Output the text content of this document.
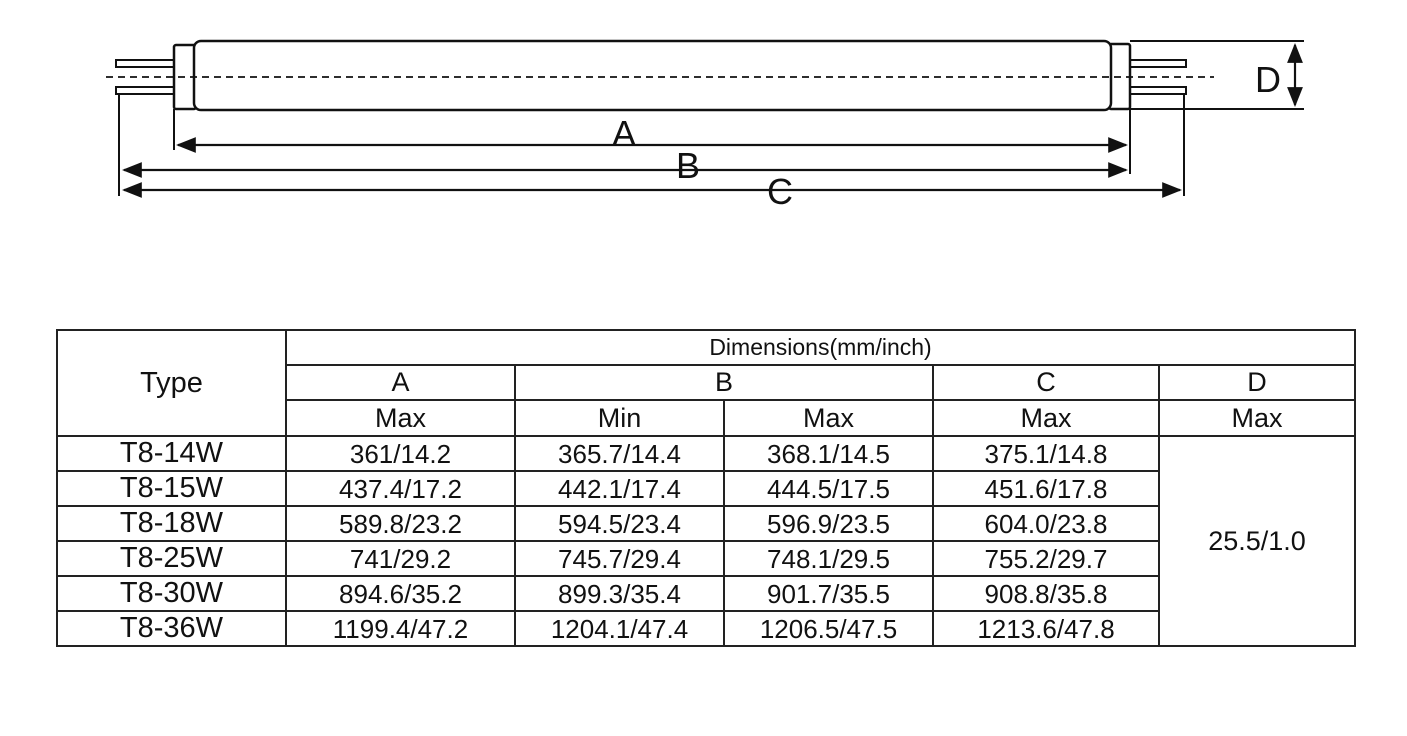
A
B
C
D
Type	Dimensions(mm/inch)				
	A	B		C	D
	Max	Min	Max	Max	Max
T8-14W	361/14.2	365.7/14.4	368.1/14.5	375.1/14.8	25.5/1.0
T8-15W	437.4/17.2	442.1/17.4	444.5/17.5	451.6/17.8	
T8-18W	589.8/23.2	594.5/23.4	596.9/23.5	604.0/23.8	
T8-25W	741/29.2	745.7/29.4	748.1/29.5	755.2/29.7	
T8-30W	894.6/35.2	899.3/35.4	901.7/35.5	908.8/35.8	
T8-36W	1199.4/47.2	1204.1/47.4	1206.5/47.5	1213.6/47.8	
